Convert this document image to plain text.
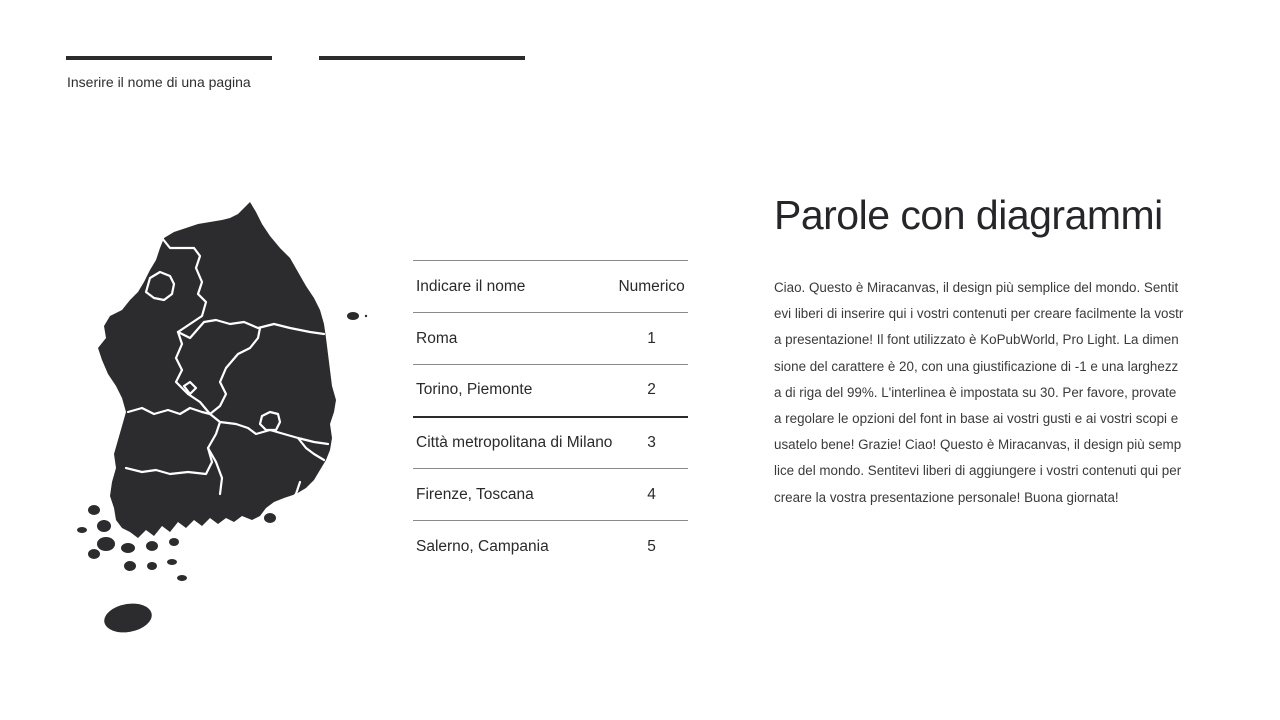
Inserire il nome di una pagina
Indicare il nome	Numerico
Roma	1
Torino, Piemonte	2
Città metropolitana di Milano	3
Firenze, Toscana	4
Salerno, Campania	5
Parole con diagrammi

Ciao. Questo è Miracanvas, il design più semplice del mondo. Sentitevi liberi di inserire qui i vostri contenuti per creare facilmente la vostra presentazione! Il font utilizzato è KoPubWorld, Pro Light. La dimensione del carattere è 20, con una giustificazione di -1 e una larghezza di riga del 99%. L'interlinea è impostata su 30. Per favore, provate a regolare le opzioni del font in base ai vostri gusti e ai vostri scopi e usatelo bene! Grazie! Ciao! Questo è Miracanvas, il design più semplice del mondo. Sentitevi liberi di aggiungere i vostri contenuti qui per creare la vostra presentazione personale! Buona giornata!
